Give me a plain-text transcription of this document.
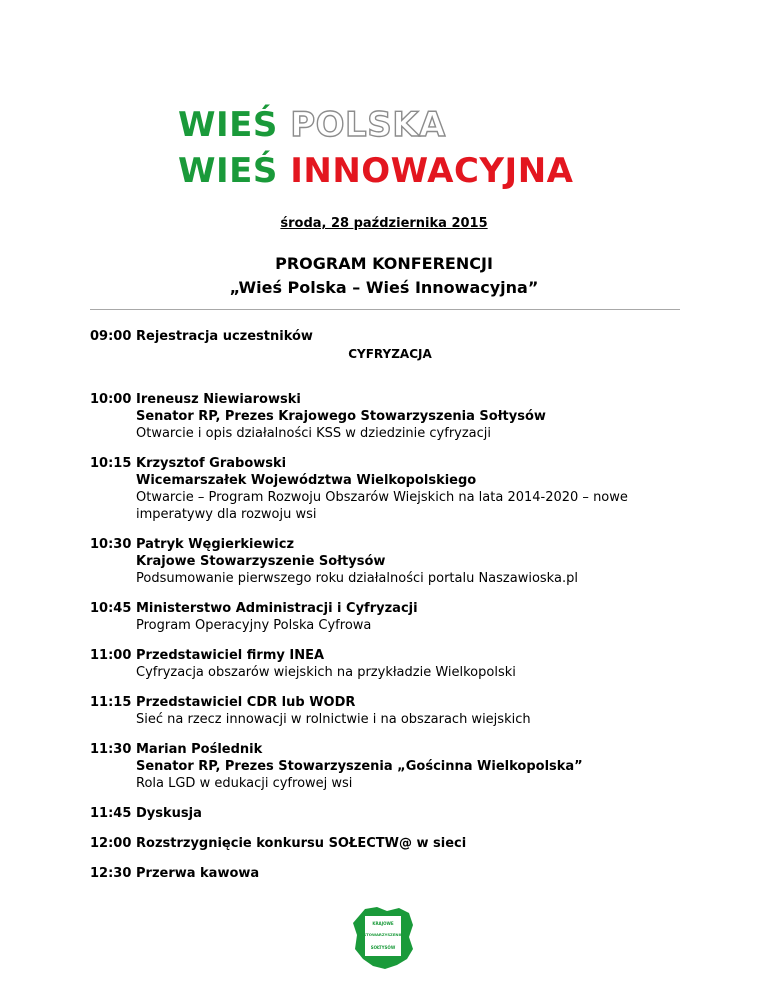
WIEŚ POLSKA
WIEŚ INNOWACYJNA
środa, 28 października 2015
PROGRAM KONFERENCJI
„Wieś Polska – Wieś Innowacyjna”
09:00 Rejestracja uczestników
CYFRYZACJA
10:00 Ireneusz Niewiarowski
Senator RP, Prezes Krajowego Stowarzyszenia Sołtysów
Otwarcie i opis działalności KSS w dziedzinie cyfryzacji
10:15 Krzysztof Grabowski
Wicemarszałek Województwa Wielkopolskiego
Otwarcie – Program Rozwoju Obszarów Wiejskich na lata 2014-2020 – nowe imperatywy dla rozwoju wsi
10:30 Patryk Węgierkiewicz
Krajowe Stowarzyszenie Sołtysów
Podsumowanie pierwszego roku działalności portalu Naszawioska.pl
10:45 Ministerstwo Administracji i Cyfryzacji
Program Operacyjny Polska Cyfrowa
11:00 Przedstawiciel firmy INEA
Cyfryzacja obszarów wiejskich na przykładzie Wielkopolski
11:15 Przedstawiciel CDR lub WODR
Sieć na rzecz innowacji w rolnictwie i na obszarach wiejskich
11:30 Marian Poślednik
Senator RP, Prezes Stowarzyszenia „Gościnna Wielkopolska”
Rola LGD w edukacji cyfrowej wsi
11:45 Dyskusja
12:00 Rozstrzygnięcie konkursu SOŁECTW@ w sieci
12:30 Przerwa kawowa
KRAJOWE
STOWARZYSZENIE
SOŁTYSÓW
